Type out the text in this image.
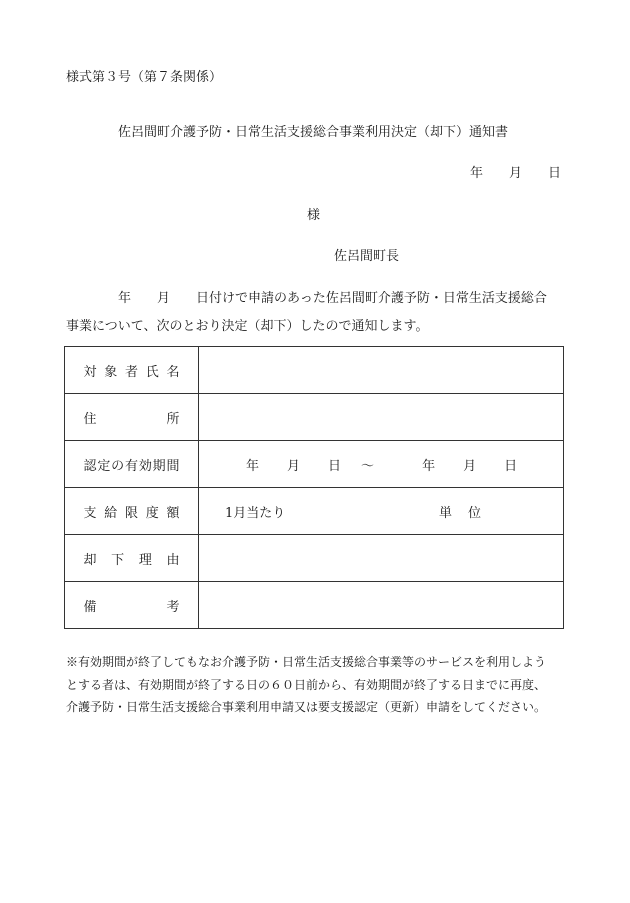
様式第３号（第７条関係）
佐呂間町介護予防・日常生活支援総合事業利用決定（却下）通知書
年 月 日
様
佐呂間町長
年 月 日付けで申請のあった佐呂間町介護予防・日常生活支援総合
事業について、次のとおり決定（却下）したので通知します。
対象者氏名	
住所	
認定の有効期間	年 月 日 ～ 年 月 日

支給限度額	1月当たり 単 位

却下理由	
備考	
※有効期間が終了してもなお介護予防・日常生活支援総合事業等のサービスを利用しよう
とする者は、有効期間が終了する日の６０日前から、有効期間が終了する日までに再度、
介護予防・日常生活支援総合事業利用申請又は要支援認定（更新）申請をしてください。
